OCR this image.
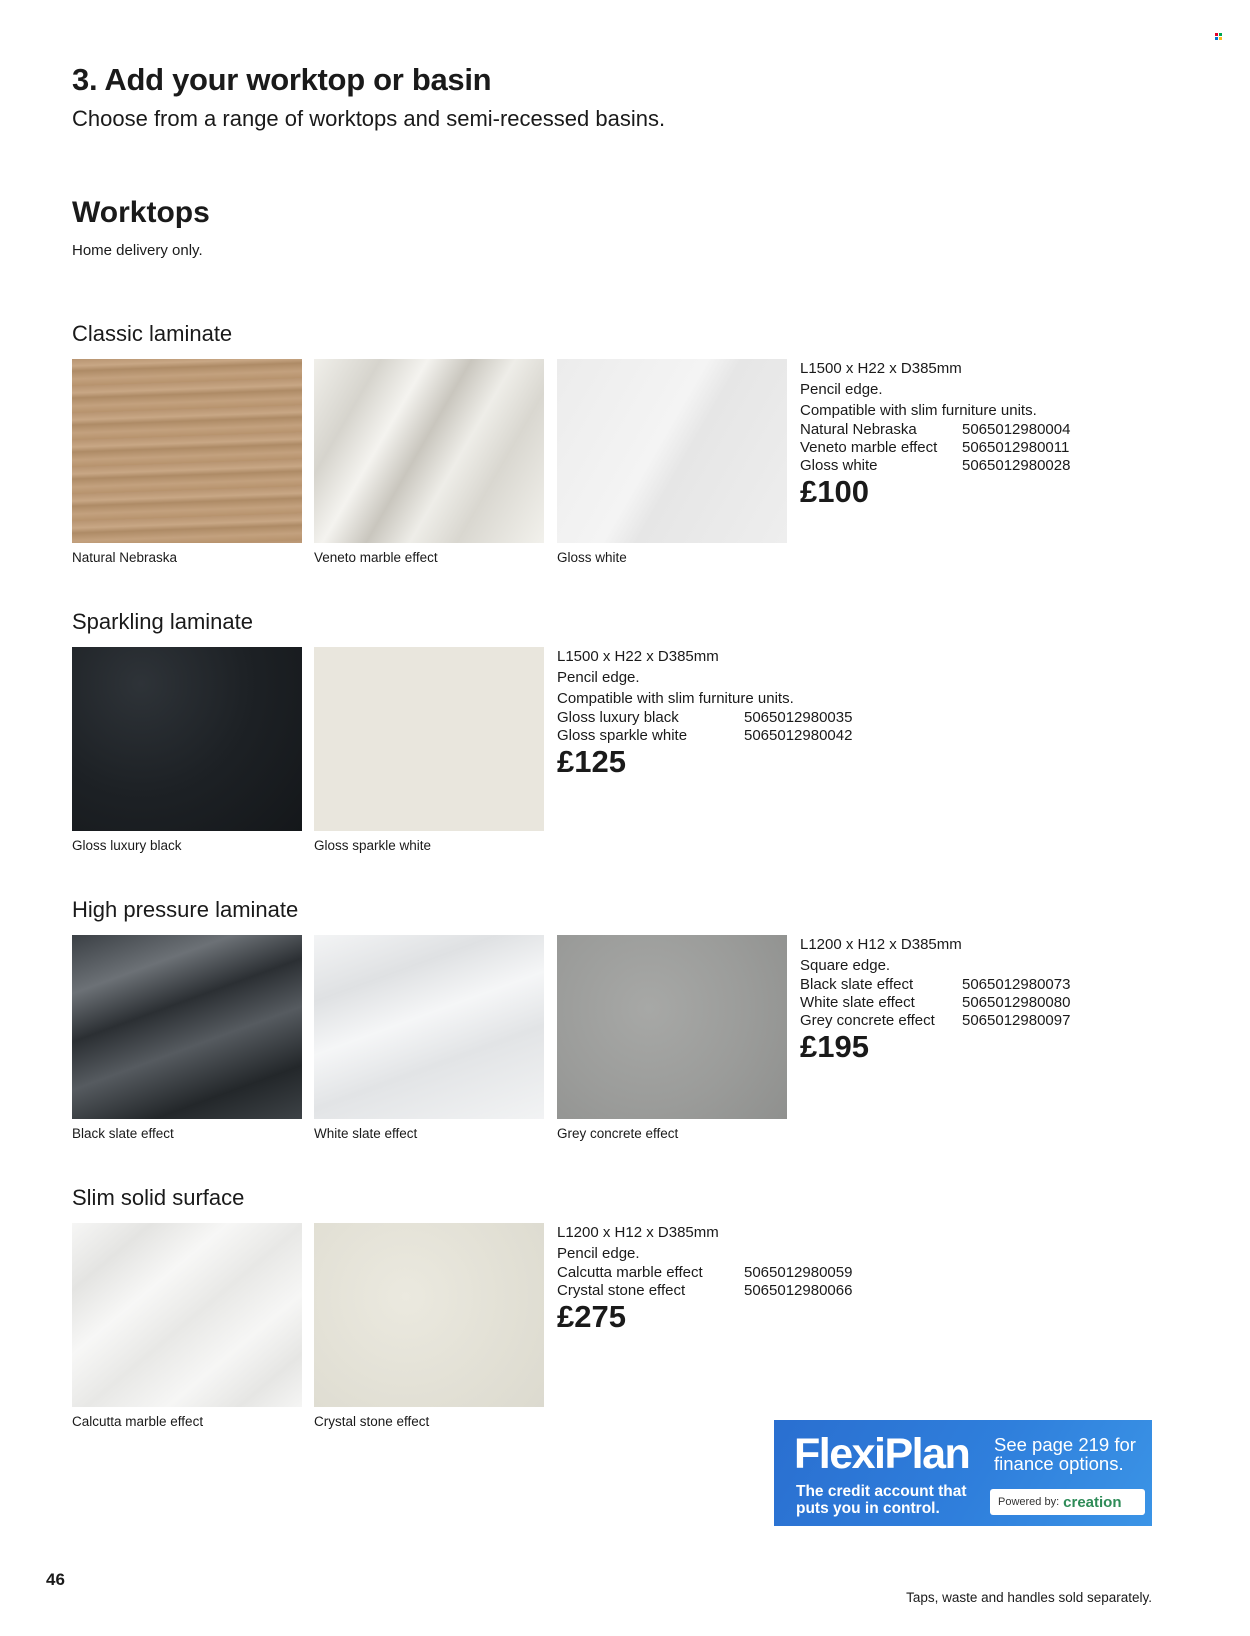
3. Add your worktop or basin
Choose from a range of worktops and semi-recessed basins.
Worktops
Home delivery only.
Classic laminate
Natural Nebraska	Veneto marble effect	Gloss white
L1500 x H22 x D385mm
Pencil edge.
Compatible with slim furniture units.
Natural Nebraska	5065012980004
Veneto marble effect	5065012980011
Gloss white	5065012980028
£100
Sparkling laminate
Gloss luxury black	Gloss sparkle white
L1500 x H22 x D385mm
Pencil edge.
Compatible with slim furniture units.
Gloss luxury black	5065012980035
Gloss sparkle white	5065012980042
£125
High pressure laminate
Black slate effect	White slate effect	Grey concrete effect
L1200 x H12 x D385mm
Square edge.
Black slate effect	5065012980073
White slate effect	5065012980080
Grey concrete effect	5065012980097
£195
Slim solid surface
Calcutta marble effect	Crystal stone effect
L1200 x H12 x D385mm
Pencil edge.
Calcutta marble effect	5065012980059
Crystal stone effect	5065012980066
£275
FlexiPlan
The credit account that
puts you in control.
See page 219 for
finance options.
Powered by: creation
46
Taps, waste and handles sold separately.
